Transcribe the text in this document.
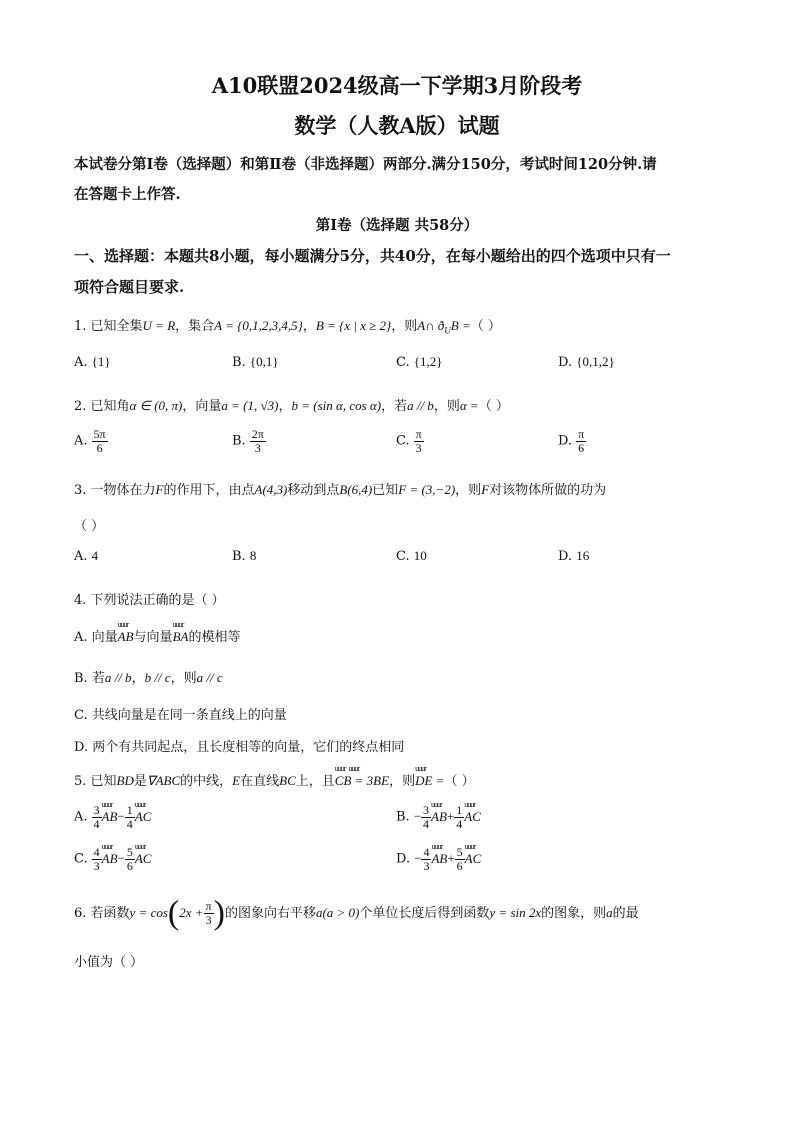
A10联盟2024级高一下学期3月阶段考
数学（人教A版）试题
本试卷分第Ⅰ卷（选择题）和第Ⅱ卷（非选择题）两部分.满分150分，考试时间120分钟.请
在答题卡上作答.
第Ⅰ卷（选择题 共58分）
一、选择题：本题共8小题，每小题满分5分，共40分，在每小题给出的四个选项中只有一
项符合题目要求.
1. 已知全集U = R，集合A = {0,1,2,3,4,5}，B = {x | x ≥ 2}，则A∩ $ð_UB$ =（ ）
A. {1}	B. {0,1}	C. {1,2}	D. {0,1,2}
2. 已知角α ∈ (0, π)，向量a = (1, √3)，b = (sin α, cos α)，若a // b，则α =（ ）
A. $\frac{5\pi}{6}$	B. $\frac{2\pi}{3}$	C. $\frac{\pi}{3}$	D. $\frac{\pi}{6}$
3. 一物体在力F的作用下，由点A(4,3)移动到点B(6,4)已知F = (3,−2)，则F对该物体所做的功为
（ ）
A. 4	B. 8	C. 10	D. 16
4. 下列说法正确的是（ ）
A. 向量
uuur
AB与向量
uuur
BA的模相等
B. 若a // b，b // c，则a // c
C. 共线向量是在同一条直线上的向量
D. 两个有共同起点，且长度相等的向量，它们的终点相同
5. 已知BD是∇ABC的中线，E在直线BC上，且
uuur   uuur
CB = 3BE，则
uuur
DE =（ ）
A. $\frac{3}{4}$ uuur
$AB- \frac{1}{4}$ uuur
AC	B. − $\frac{3}{4}$ uuur
$AB+ \frac{1}{4}$ uuur
AC
C. $\frac{4}{3}$ uuur
$AB- \frac{5}{6}$ uuur
AC	D. − $\frac{4}{3}$ uuur
$AB+ \frac{5}{6}$ uuur
AC
6. 若函数$y = \cos(2x + \frac{\pi}{3}$ )的图象向右平移a(a > 0)个单位长度后得到函数y = sin 2x的图象，则a的最
小值为（ ）
